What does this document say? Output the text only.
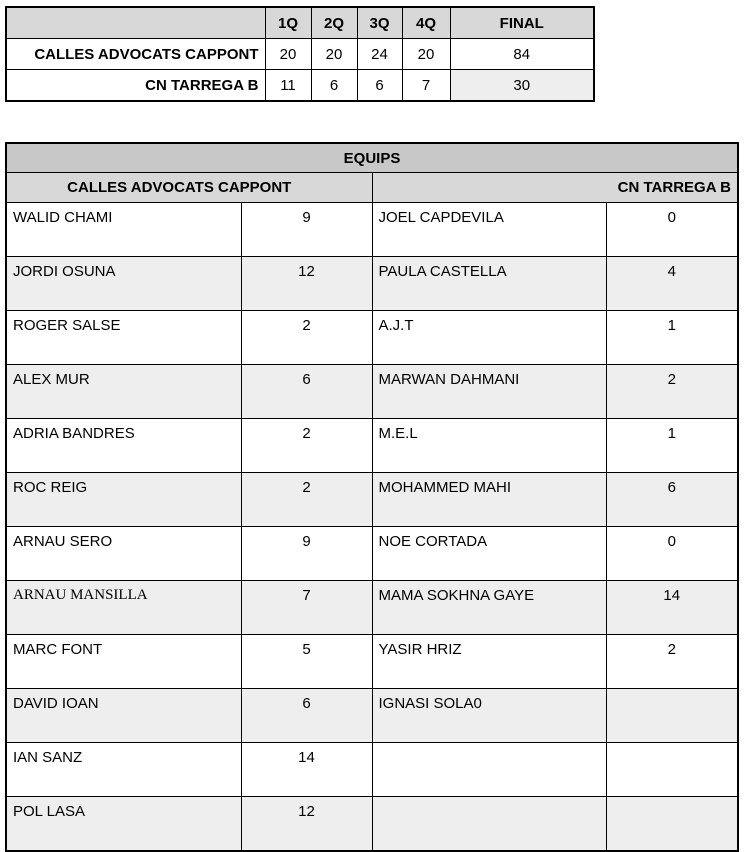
	1Q	2Q	3Q	4Q	FINAL
CALLES ADVOCATS CAPPONT	20	20	24	20	84
CN TARREGA B	11	6	6	7	30
EQUIPS			
CALLES ADVOCATS CAPPONT		CN TARREGA B	
WALID CHAMI	9	JOEL CAPDEVILA	0
JORDI OSUNA	12	PAULA CASTELLA	4
ROGER SALSE	2	A.J.T	1
ALEX MUR	6	MARWAN DAHMANI	2
ADRIA BANDRES	2	M.E.L	1
ROC REIG	2	MOHAMMED MAHI	6
ARNAU SERO	9	NOE CORTADA	0
ARNAU MANSILLA	7	MAMA SOKHNA GAYE	14
MARC FONT	5	YASIR HRIZ	2
DAVID IOAN	6	IGNASI SOLA0	
IAN SANZ	14		
POL LASA	12		
